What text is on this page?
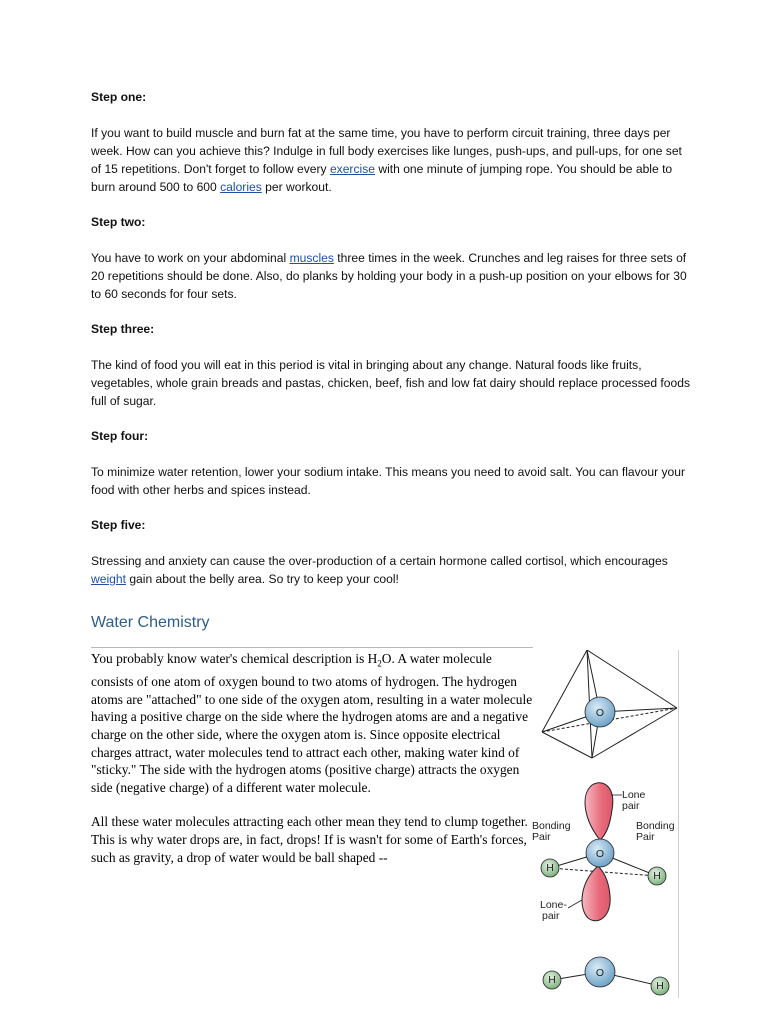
Step one:

If you want to build muscle and burn fat at the same time, you have to perform circuit training, three days per week. How can you achieve this? Indulge in full body exercises like lunges, push-ups, and pull-ups, for one set of 15 repetitions. Don't forget to follow every exercise with one minute of jumping rope. You should be able to burn around 500 to 600 calories per workout.

Step two:

You have to work on your abdominal muscles three times in the week. Crunches and leg raises for three sets of 20 repetitions should be done. Also, do planks by holding your body in a push-up position on your elbows for 30 to 60 seconds for four sets.

Step three:

The kind of food you will eat in this period is vital in bringing about any change. Natural foods like fruits, vegetables, whole grain breads and pastas, chicken, beef, fish and low fat dairy should replace processed foods full of sugar.

Step four:

To minimize water retention, lower your sodium intake. This means you need to avoid salt. You can flavour your food with other herbs and spices instead.

Step five:

Stressing and anxiety can cause the over-production of a certain hormone called cortisol, which encourages weight gain about the belly area. So try to keep your cool!

Water Chemistry

You probably know water's chemical description is $H_2O$. A water molecule consists of one atom of oxygen bound to two atoms of hydrogen. The hydrogen atoms are "attached" to one side of the oxygen atom, resulting in a water molecule having a positive charge on the side where the hydrogen atoms are and a negative charge on the other side, where the oxygen atom is. Since opposite electrical charges attract, water molecules tend to attract each other, making water kind of "sticky." The side with the hydrogen atoms (positive charge) attracts the oxygen side (negative charge) of a different water molecule.

All these water molecules attracting each other mean they tend to clump together. This is why water drops are, in fact, drops! If is wasn't for some of Earth's forces, such as gravity, a drop of water would be ball shaped --

O
O
H
H
Lone
pair
Bonding
Pair
Bonding
Pair
Lone-
pair
O
H	H
